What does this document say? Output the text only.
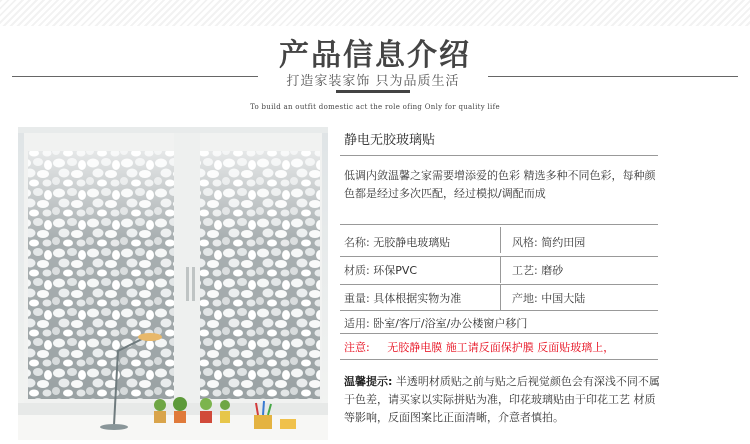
产品信息介绍
打造家装家饰 只为品质生活
To build an outfit domestic act the role ofing Only for quality life
静电无胶玻璃贴
低调内敛温馨之家需要增添爱的色彩 精选多种不同色彩，每种颜色都是经过多次匹配，经过模拟/调配而成
名称: 无胶静电玻璃贴	风格: 简约田园
材质: 环保PVC	工艺: 磨砂
重量: 具体根据实物为准	产地: 中国大陆
适用: 卧室/客厅/浴室/办公楼窗户移门
注意: 无胶静电膜 施工请反面保护膜 反面贴玻璃上，
温馨提示: 半透明材质贴之前与贴之后视觉颜色会有深浅不同不属于色差，请买家以实际拼贴为准，印花玻璃贴由于印花工艺 材质等影响，反面图案比正面清晰，介意者慎拍。
